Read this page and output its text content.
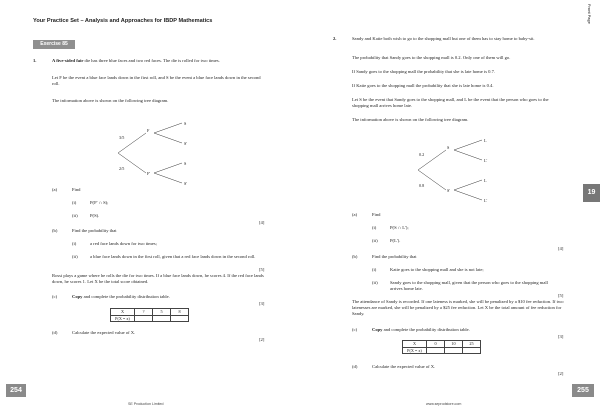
Your Practice Set – Analysis and Approaches for IBDP Mathematics
Exercise 85
1.	A five-sided fair die has three blue faces and two red faces. The die is rolled for two times.
Let F be the event a blue face lands down in the first roll, and S be the event a blue face lands down in the second roll.
The information above is shown on the following tree diagram.
3/5
F
2/5
F'
S
S'
S
S'
(a)	Find
(i)	P(F' ∩ S);
(ii)	P(S).
[4]
(b)	Find the probability that
(i)	a red face lands down for two times;
(ii)	a blue face lands down in the first roll, given that a red face lands down in the second roll.
[5]
Rossi plays a game where he rolls the die for two times. If a blue face lands down, he scores 4. If the red face lands down, he scores 1. Let X be the total score obtained.
(c)	Copy and complete the probability distribution table.
[3]
X	?	5	8
P(X = x)			
(d)	Calculate the expected value of X.
[2]
254
SE Production Limited
Front Page
2.	Sandy and Katie both wish to go to the shopping mall but one of them has to stay home to baby-sit.
The probability that Sandy goes to the shopping mall is 0.2. Only one of them will go.
If Sandy goes to the shopping mall the probability that she is late home is 0.7.
If Katie goes to the shopping mall the probability that she is late home is 0.4.
Let S be the event that Sandy goes to the shopping mall, and L be the event that the person who goes to the shopping mall arrives home late.
The information above is shown on the following tree diagram.
0.2
S
0.8
S'
L
L'
L
L'
(a)	Find
(i)	P(S ∩ L');
(ii)	P(L').
[4]
(b)	Find the probability that
(i)	Katie goes to the shopping mall and she is not late;
(ii)	Sandy goes to the shopping mall, given that the person who goes to the shopping mall arrives home late.
[5]
The attendance of Sandy is recorded. If one lateness is marked, she will be penalized by a $10 fee reduction. If two latenesses are marked, she will be penalized by a $25 fee reduction. Let X be the total amount of fee reduction for Sandy.
(c)	Copy and complete the probability distribution table.
[3]
X	0	10	25
P(X = x)			
(d)	Calculate the expected value of X.
[2]
19
255
www.seprodstore.com
